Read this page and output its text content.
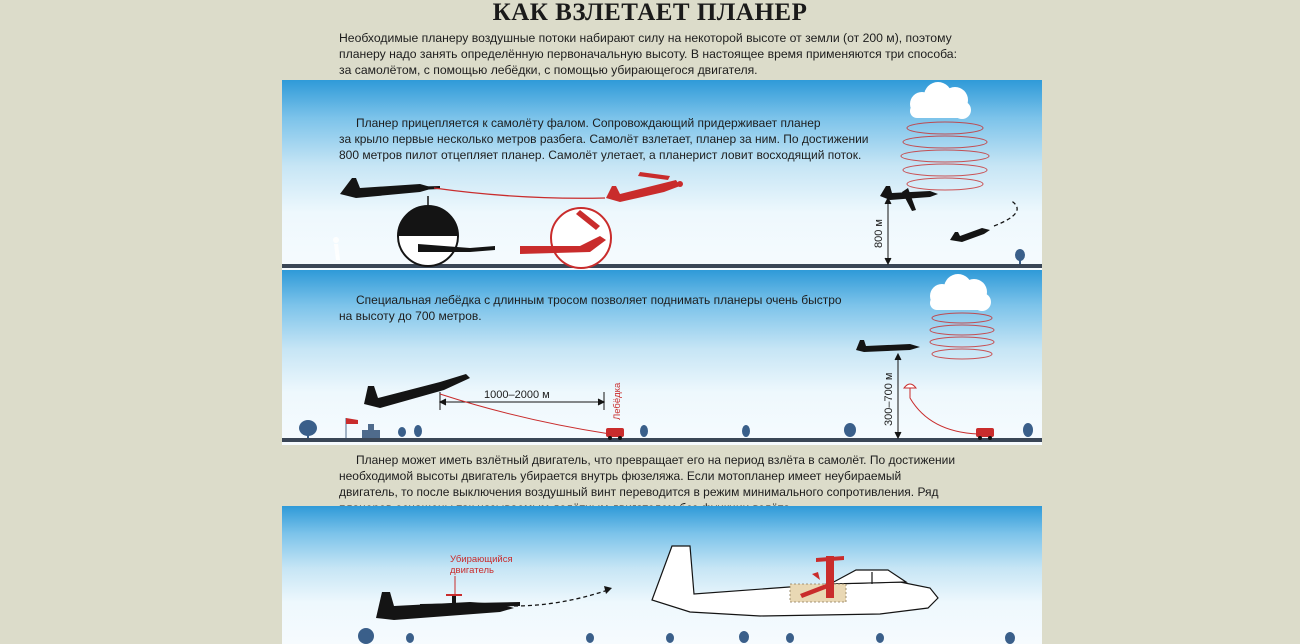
КАК ВЗЛЕТАЕТ ПЛАНЕР
Необходимые планеру воздушные потоки набирают силу на некоторой высоте от земли (от 200 м), поэтому
планеру надо занять определённую первоначальную высоту. В настоящее время применяются три способа:
за самолётом, с помощью лебёдки, с помощью убирающегося двигателя.
Планер прицепляется к самолёту фалом. Сопровождающий придерживает планер
за крыло первые несколько метров разбега. Самолёт взлетает, планер за ним. По достижении
800 метров пилот отцепляет планер. Самолёт улетает, а планерист ловит восходящий поток.
800 м
Специальная лебёдка с длинным тросом позволяет поднимать планеры очень быстро
на высоту до 700 метров.
1000–2000 м	Лебёдка	300–700 м
Планер может иметь взлётный двигатель, что превращает его на период взлёта в самолёт. По достижении
необходимой высоты двигатель убирается внутрь фюзеляжа. Если мотопланер имеет неубираемый
двигатель, то после выключения воздушный винт переводится в режим минимального сопротивления. Ряд
Убирающийся
двигатель
